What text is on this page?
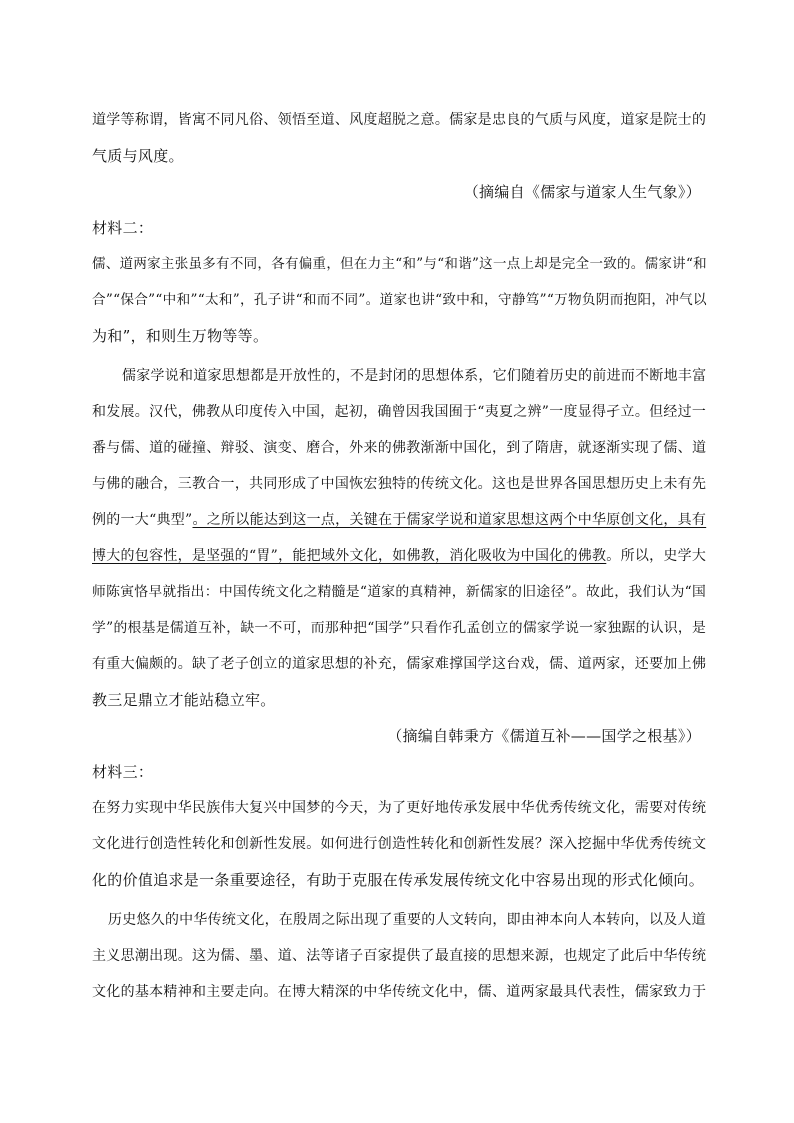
道学等称谓，皆寓不同凡俗、领悟至道、风度超脱之意。儒家是忠良的气质与风度，道家是院士的
气质与风度。
（摘编自《儒家与道家人生气象》）
材料二：
儒、道两家主张虽多有不同，各有偏重，但在力主“和”与“和谐”这一点上却是完全一致的。儒家讲“和
合”“保合”“中和”“太和”，孔子讲“和而不同”。道家也讲“致中和，守静笃”“万物负阴而抱阳，冲气以
为和”，和则生万物等等。
儒家学说和道家思想都是开放性的，不是封闭的思想体系，它们随着历史的前进而不断地丰富
和发展。汉代，佛教从印度传入中国，起初，确曾因我国囿于“夷夏之辨”一度显得孑立。但经过一
番与儒、道的碰撞、辩驳、演变、磨合，外来的佛教渐渐中国化，到了隋唐，就逐渐实现了儒、道
与佛的融合，三教合一，共同形成了中国恢宏独特的传统文化。这也是世界各国思想历史上未有先
例的一大“典型”。之所以能达到这一点，关键在于儒家学说和道家思想这两个中华原创文化，具有
博大的包容性，是坚强的“胃”，能把域外文化，如佛教，消化吸收为中国化的佛教。所以，史学大
师陈寅恪早就指出：中国传统文化之精髓是“道家的真精神，新儒家的旧途径”。故此，我们认为“国
学”的根基是儒道互补，缺一不可，而那种把“国学”只看作孔孟创立的儒家学说一家独踞的认识，是
有重大偏颇的。缺了老子创立的道家思想的补充，儒家难撑国学这台戏，儒、道两家，还要加上佛
教三足鼎立才能站稳立牢。
（摘编自韩秉方《儒道互补——国学之根基》）
材料三：
在努力实现中华民族伟大复兴中国梦的今天，为了更好地传承发展中华优秀传统文化，需要对传统
文化进行创造性转化和创新性发展。如何进行创造性转化和创新性发展？深入挖掘中华优秀传统文
化的价值追求是一条重要途径，有助于克服在传承发展传统文化中容易出现的形式化倾向。
历史悠久的中华传统文化，在殷周之际出现了重要的人文转向，即由神本向人本转向，以及人道
主义思潮出现。这为儒、墨、道、法等诸子百家提供了最直接的思想来源，也规定了此后中华传统
文化的基本精神和主要走向。在博大精深的中华传统文化中，儒、道两家最具代表性，儒家致力于
